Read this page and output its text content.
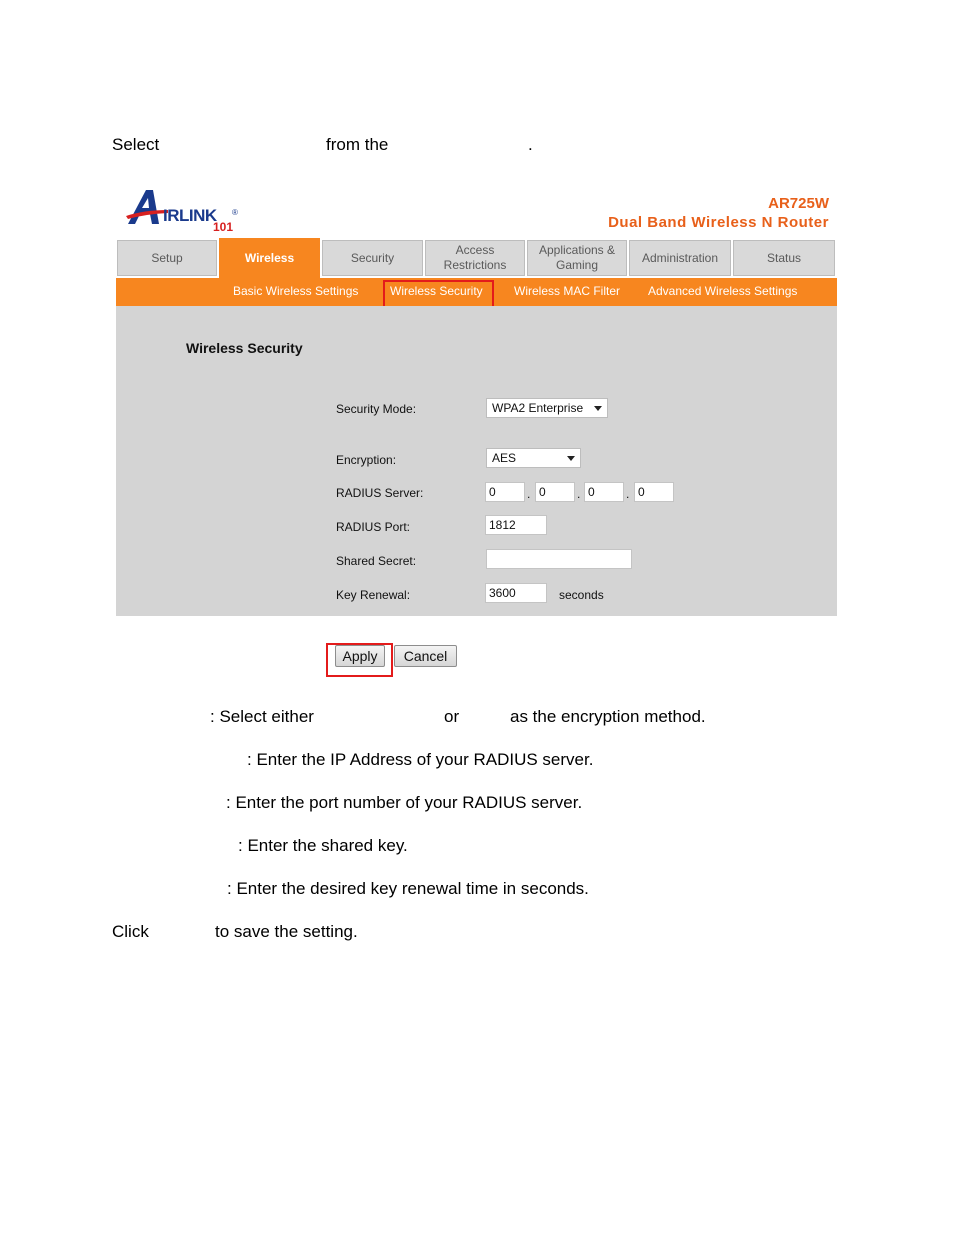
Select	from the	.
IRLINK ®
101
AR725W
Dual Band Wireless N Router
Setup	Wireless	Security
Access Restrictions
Applications & Gaming
Administration	Status
Basic Wireless Settings	Wireless Security	Wireless MAC Filter Advanced Wireless Settings
Wireless Security
Security Mode:	WPA2 Enterprise
Encryption:	AES
RADIUS Server:	0	. 0	. 0	. 0
RADIUS Port:	1812
Shared Secret:
Key Renewal:	3600	seconds
Apply	Cancel
: Select either	or	as the encryption method.
: Enter the IP Address of your RADIUS server.
: Enter the port number of your RADIUS server.
: Enter the shared key.
: Enter the desired key renewal time in seconds.
Click	to save the setting.
